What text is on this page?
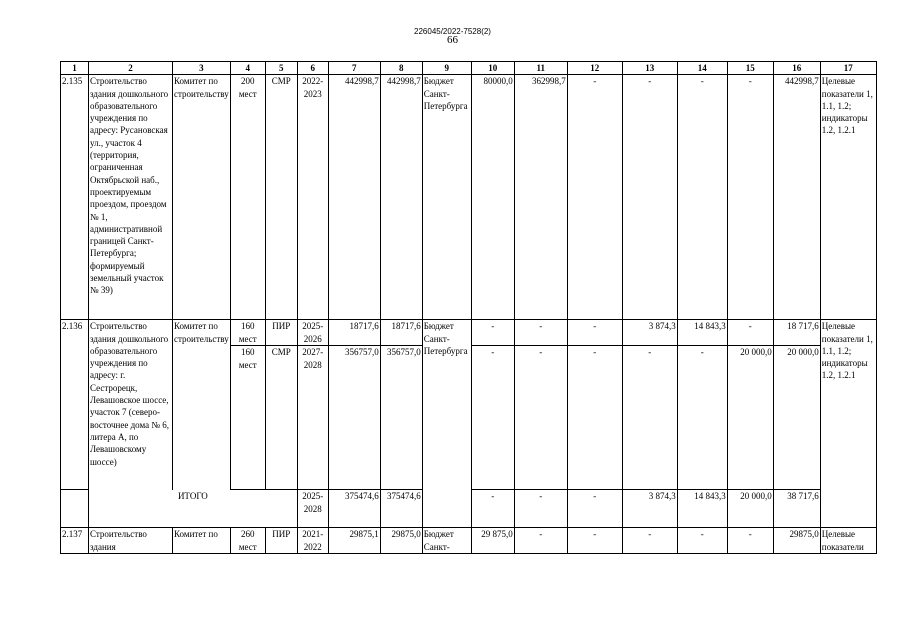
226045/2022-7528(2)
66
1	2	3	4	5	6	7	8	9	10	11	12	13	14	15	16	17
2.135	Строительство здания дошкольного образовательного учреждения по адресу: Русановская ул., участок 4 (территория, ограниченная Октябрьской наб., проектируемым проездом, проездом № 1, административной границей Санкт-Петербурга; формируемый земельный участок № 39)	Комитет по строительству	200 мест	СМР	2022-2023	442998,7	442998,7	Бюджет Санкт-Петербурга	80000,0	362998,7	-	-	-	-	442998,7	Целевые показатели 1, 1.1, 1.2; индикаторы 1.2, 1.2.1
2.136	Строительство здания дошкольного образовательного учреждения по адресу: г. Сестрорецк, Левашовское шоссе, участок 7 (северо-восточнее дома № 6, литера А, по Левашовскому шоссе)	Комитет по строительству	160 мест	ПИР	2025-2026	18717,6	18717,6	Бюджет Санкт-Петербурга	-	-	-	3 874,3	14 843,3	-	18 717,6	Целевые показатели 1, 1.1, 1.2; индикаторы 1.2, 1.2.1
			160 мест	СМР	2027-2028	356757,0	356757,0		-	-	-	-	-	20 000,0	20 000,0	
	ИТОГО				2025-2028	375474,6	375474,6		-	-	-	3 874,3	14 843,3	20 000,0	38 717,6	
2.137	Строительство здания	Комитет по	260 мест	ПИР	2021-2022	29875,1	29875,0	Бюджет Санкт-	29 875,0	-	-	-	-	-	29875,0	Целевые показатели
